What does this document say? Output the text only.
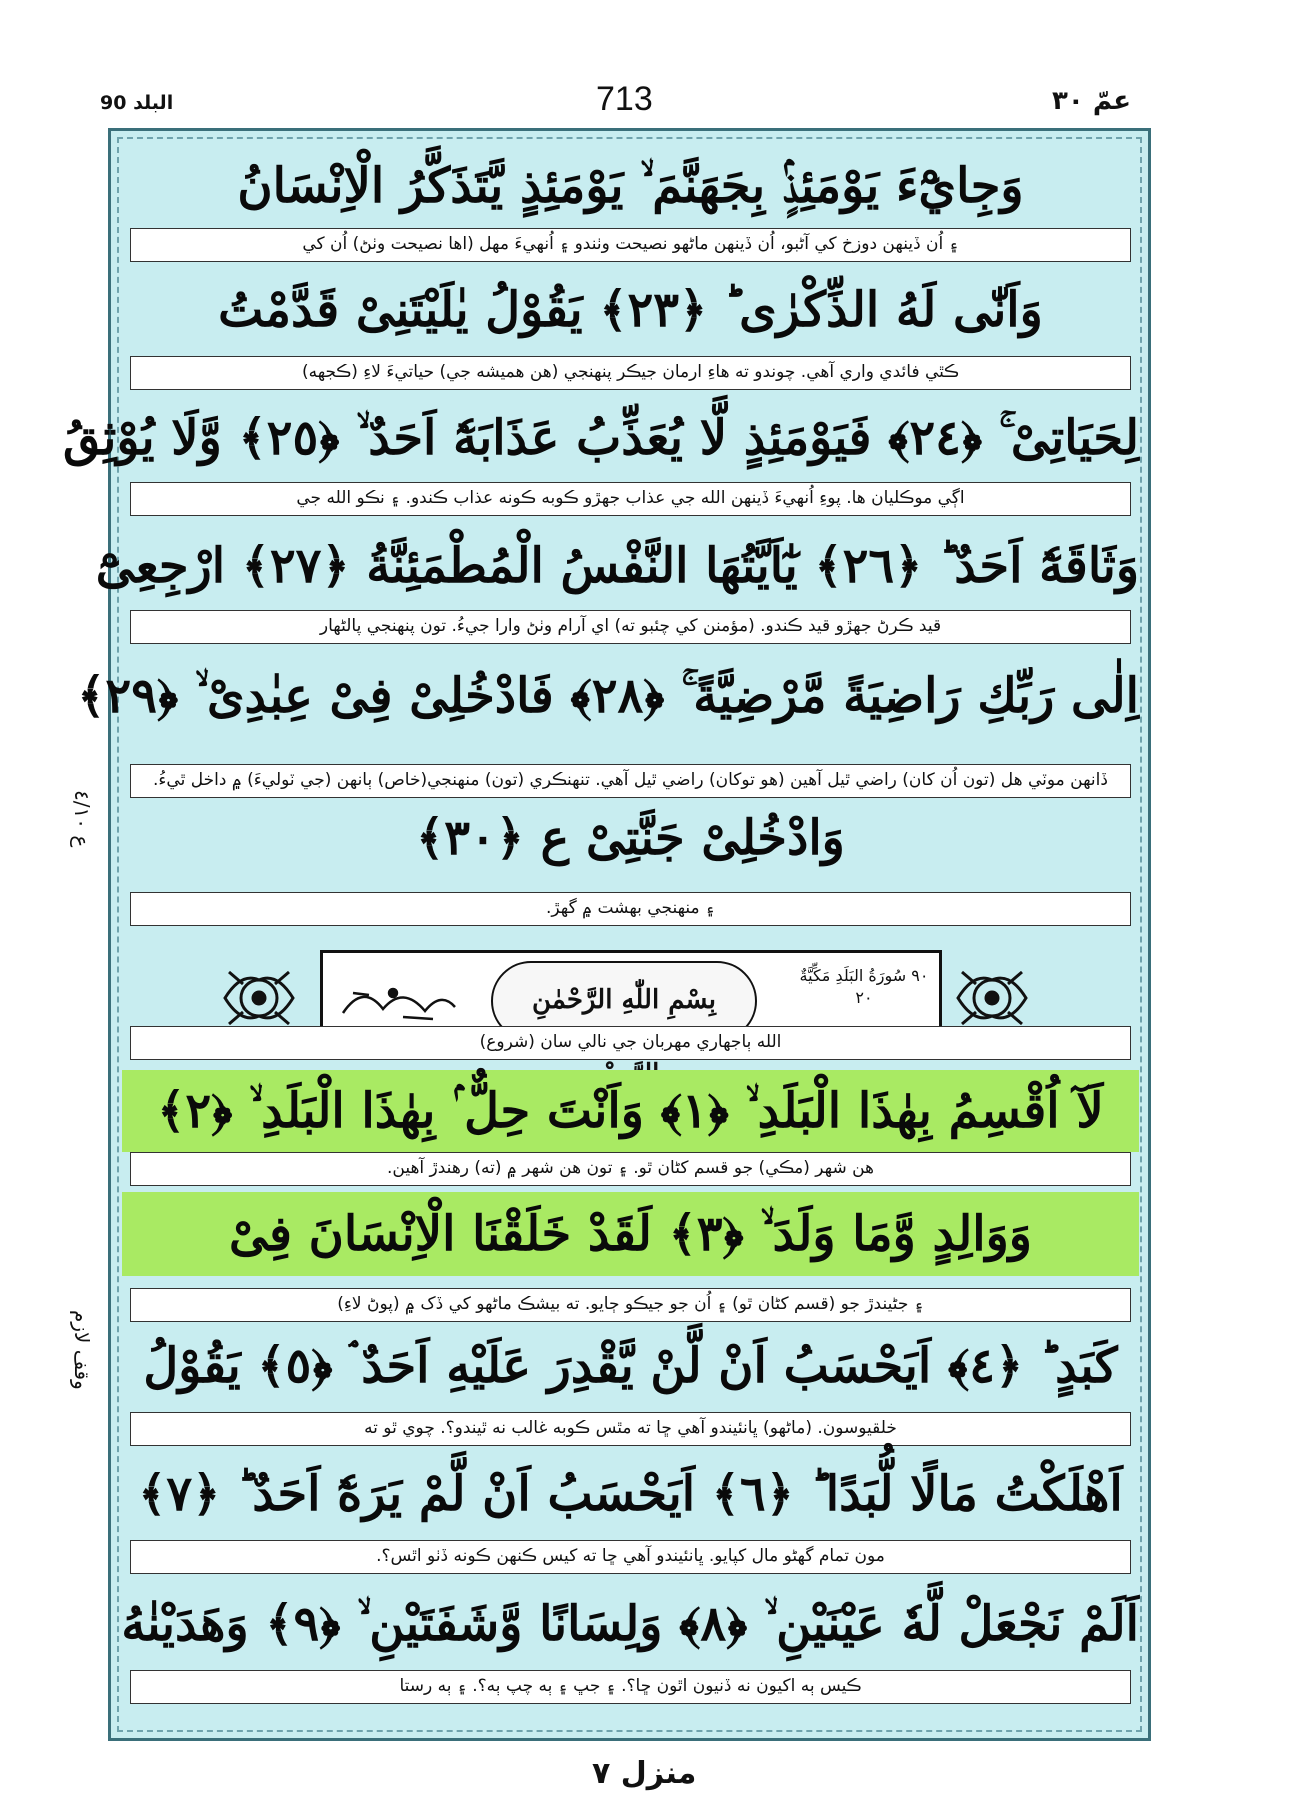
البلد 90	713	عمّ ٣٠
ع ٤/١٠
وقف لازم
وَجِايْٓءَ يَوْمَئِذٍۢ بِجَهَنَّمَ ۙ يَوْمَئِذٍ يَّتَذَكَّرُ الْاِنْسَانُ
۽ اُن ڏينهن دوزخ کي آڻبو، اُن ڏينهن ماڻهو نصيحت وٺندو ۽ اُنهيءَ مهل (اها نصيحت وٺڻ) اُن کي
وَاَنّٰى لَهُ الذِّكْرٰى ؕ ﴿٢٣﴾ يَقُوْلُ يٰلَيْتَنِىْ قَدَّمْتُ
ڪٿي فائدي واري آهي. چوندو ته هاءِ ارمان جيڪر پنهنجي (هن هميشه جي) حياتيءَ لاءِ (ڪجهه)
لِحَيَاتِىْ ۚ ﴿٢٤﴾ فَيَوْمَئِذٍ لَّا يُعَذِّبُ عَذَابَهٗٓ اَحَدٌ ۙ ﴿٢٥﴾ وَّلَا يُوْثِقُ
اڳي موڪليان ها. پوءِ اُنهيءَ ڏينهن الله جي عذاب جهڙو ڪوبه ڪونه عذاب ڪندو. ۽ نڪو الله جي
وَثَاقَهٗٓ اَحَدٌ ؕ ﴿٢٦﴾ يٰٓاَيَّتُهَا النَّفْسُ الْمُطْمَئِنَّةُ ﴿٢٧﴾ ارْجِعِىْٓ
قيد ڪرڻ جهڙو قيد ڪندو. (مؤمنن کي چئبو ته) اي آرام وٺڻ وارا جيءُ. تون پنهنجي پالڻهار
اِلٰى رَبِّكِ رَاضِيَةً مَّرْضِيَّةً ۚ ﴿٢٨﴾ فَادْخُلِىْ فِىْ عِبٰدِىْ ۙ ﴿٢٩﴾
ڏانهن موٽي هل (تون اُن کان) راضي ٿيل آهين (هو توکان) راضي ٿيل آهي. تنهنڪري (تون) منهنجي(خاص) ٻانهن (جي ٽوليءَ) ۾ داخل ٿيءُ.
وَادْخُلِىْ جَنَّتِىْ ع ﴿٣٠﴾
۽ منهنجي بهشت ۾ گهڙ.
٩٠ سُورَةُ البَلَدِ مَكِّيَّةٌ ٢٠
بِسْمِ اللّٰهِ الرَّحْمٰنِ
الله ٻاجهاري مهربان جي نالي سان (شروع)
لَآ اُقْسِمُ بِهٰذَا الْبَلَدِ ۙ ﴿١﴾ وَاَنْتَ حِلٌّ ۢ بِهٰذَا الْبَلَدِ ۙ ﴿٢﴾
هن شهر (مڪي) جو قسم کڻان ٿو. ۽ تون هن شهر ۾ (ته) رهندڙ آهين.
وَوَالِدٍ وَّمَا وَلَدَ ۙ ﴿٣﴾ لَقَدْ خَلَقْنَا الْاِنْسَانَ فِىْ
۽ جڻيندڙ جو (قسم کڻان ٿو) ۽ اُن جو جيڪو ڄايو. ته بيشڪ ماڻهو کي ڏک ۾ (پوڻ لاءِ)
كَبَدٍ ؕ ﴿٤﴾ اَيَحْسَبُ اَنْ لَّنْ يَّقْدِرَ عَلَيْهِ اَحَدٌ ۘ ﴿٥﴾ يَقُوْلُ
خلقيوسون. (ماڻهو) ڀانئيندو آهي ڇا ته مٿس ڪوبه غالب نه ٿيندو؟. چوي ٿو ته
اَهْلَكْتُ مَالًا لُّبَدًا ؕ ﴿٦﴾ اَيَحْسَبُ اَنْ لَّمْ يَرَهٗٓ اَحَدٌ ؕ ﴿٧﴾
مون تمام گهڻو مال کپايو. ڀانئيندو آهي ڇا ته کيس ڪنهن ڪونه ڏٺو اٿس؟.
اَلَمْ نَجْعَلْ لَّهٗ عَيْنَيْنِ ۙ ﴿٨﴾ وَلِسَانًا وَّشَفَتَيْنِ ۙ ﴿٩﴾ وَهَدَيْنٰهُ
ڪيس ٻه اکيون نه ڏنيون اٿون ڇا؟. ۽ جڀ ۽ ٻه چپ ٻه؟. ۽ ٻه رستا
منزل ٧
